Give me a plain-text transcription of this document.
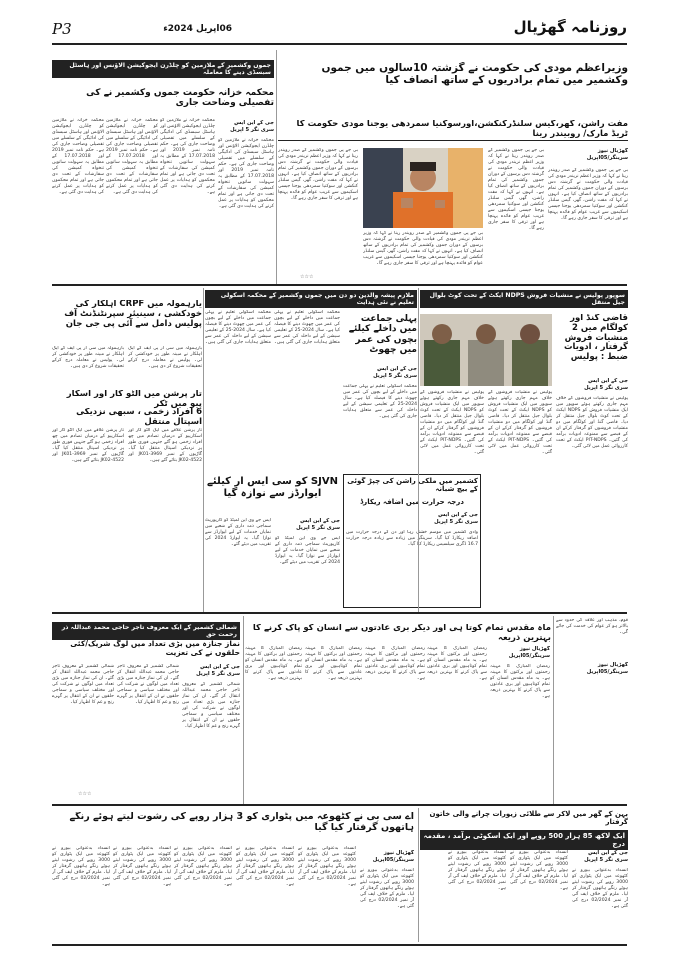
P3	06اپریل 2024ء	روزنامہ گھڑیال
وزیراعظم مودی کی حکومت نے گزشتہ 10سالوں میں جموں وکشمیر میں تمام برادریوں کے ساتھ انصاف کیا
مفت راشن، گھر،گیس سلنڈرکنکشن،اورسوکنیا سمردھی یوجنا مودی حکومت کا ٹریڈ مارک/ روبیندر رینا
گھڑیال نیوز
سرینگر/05اپریل
بی جے پی جموں وکشمیر کے صدر رویندر رینا نے کہا کہ وزیر اعظم نریندر مودی کی قیادت والی حکومت نے گزشتہ دس برسوں کے دوران جموں وکشمیر کی تمام برادریوں کے ساتھ انصاف کیا ہے۔ انہوں نے کہا کہ مفت راشن، گھر، گیس سلنڈر کنکشن اور سوکنیا سمردھی یوجنا جیسی اسکیموں سے غریب عوام کو فائدہ پہنچا ہے اور ترقی کا سفر جاری رہے گا۔
بی جے پی جموں وکشمیر کے صدر رویندر رینا نے کہا کہ وزیر اعظم نریندر مودی کی قیادت والی حکومت نے گزشتہ دس برسوں کے دوران جموں وکشمیر کی تمام برادریوں کے ساتھ انصاف کیا ہے۔ انہوں نے کہا کہ مفت راشن، گھر، گیس سلنڈر کنکشن اور سوکنیا سمردھی یوجنا جیسی اسکیموں سے غریب عوام کو فائدہ پہنچا ہے اور ترقی کا سفر جاری رہے گا۔
بی جے پی جموں وکشمیر کے صدر رویندر رینا نے کہا کہ وزیر اعظم نریندر مودی کی قیادت والی حکومت نے گزشتہ دس برسوں کے دوران جموں وکشمیر کی تمام برادریوں کے ساتھ انصاف کیا ہے۔ انہوں نے کہا کہ مفت راشن، گھر، گیس سلنڈر کنکشن اور سوکنیا سمردھی یوجنا جیسی اسکیموں سے غریب عوام کو فائدہ پہنچا ہے اور ترقی کا سفر جاری رہے گا۔
بی جے پی جموں وکشمیر کے صدر رویندر رینا نے کہا کہ وزیر اعظم نریندر مودی کی قیادت والی حکومت نے گزشتہ دس برسوں کے دوران جموں وکشمیر کی تمام برادریوں کے ساتھ انصاف کیا ہے۔ انہوں نے کہا کہ مفت راشن، گھر، گیس سلنڈر کنکشن اور سوکنیا سمردھی یوجنا جیسی اسکیموں سے غریب عوام کو فائدہ پہنچا ہے اور ترقی کا سفر جاری رہے گا۔
☆☆☆
جموں وکشمیر کے ملازمین کو چلڈرن ایجوکیشن الاؤنس اور ہاسٹل سبسڈی دینے کا معاملہ
محکمہ خزانہ حکومت جموں وکشمیر نے کی تفصیلی وضاحت جاری
جی کے این ایس
سری نگر 5 اپریل
محکمہ خزانہ نے ملازمین کو چلڈرن ایجوکیشن الاؤنس اور ہاسٹل سبسڈی کی ادائیگی کے سلسلے میں تفصیلی وضاحت جاری کی ہے۔ حکم نامہ نمبر 2019 اور 17.07.2018 کے مطابق یہ سہولت ساتویں تنخواہ کمیشن کی سفارشات کے تحت دی جاتی ہے اور تمام محکموں کو ہدایات پر عمل کرنے کی ہدایت دی گئی ہے۔
محکمہ خزانہ نے ملازمین کو چلڈرن ایجوکیشن الاؤنس اور ہاسٹل سبسڈی کی ادائیگی کے سلسلے میں تفصیلی وضاحت جاری کی ہے۔ حکم نامہ نمبر 2019 اور 17.07.2018 کے مطابق یہ سہولت ساتویں تنخواہ کمیشن کی سفارشات کے تحت دی جاتی ہے اور تمام محکموں کو ہدایات پر عمل کرنے کی ہدایت دی گئی ہے۔
محکمہ خزانہ نے ملازمین کو چلڈرن ایجوکیشن الاؤنس اور ہاسٹل سبسڈی کی ادائیگی کے سلسلے میں تفصیلی وضاحت جاری کی ہے۔ حکم نامہ نمبر 2019 اور 17.07.2018 کے مطابق یہ سہولت ساتویں تنخواہ کمیشن کی سفارشات کے تحت دی جاتی ہے اور تمام محکموں کو ہدایات پر عمل کرنے کی ہدایت دی گئی ہے۔
محکمہ خزانہ نے ملازمین کو چلڈرن ایجوکیشن الاؤنس اور ہاسٹل سبسڈی کی ادائیگی کے سلسلے میں تفصیلی وضاحت جاری کی ہے۔ حکم نامہ نمبر 2019 اور 17.07.2018 کے مطابق یہ سہولت ساتویں تنخواہ کمیشن کی سفارشات کے تحت دی جاتی ہے اور تمام محکموں کو ہدایات پر عمل کرنے کی ہدایت دی گئی ہے۔
سوپور پولیس نے منشیات فروش NDPS ایکٹ کے تحت کوٹ بلوال جیل منتقل
قاضی گنڈ اور کولگام میں 2 منشیات فروش گرفتار ، ادویات ضبط : پولیس
جی کے این ایس
سری نگر 5 اپریل
پولیس نے منشیات فروشوں کے خلاف مہم جاری رکھتے ہوئے سوپور میں ایک منشیات فروش کو NDPS ایکٹ کے تحت کوٹ بلوال جیل منتقل کر دیا۔ قاضی گنڈ اور کولگام میں دو منشیات فروشوں کو گرفتار کرکے ان کے قبضے سے ممنوعہ ادویات برآمد کی گئیں۔ PIT-NDPS ایکٹ کے تحت کارروائی عمل میں لائی گئی۔
پولیس نے منشیات فروشوں کے خلاف مہم جاری رکھتے ہوئے سوپور میں ایک منشیات فروش کو NDPS ایکٹ کے تحت کوٹ بلوال جیل منتقل کر دیا۔ قاضی گنڈ اور کولگام میں دو منشیات فروشوں کو گرفتار کرکے ان کے قبضے سے ممنوعہ ادویات برآمد کی گئیں۔ PIT-NDPS ایکٹ کے تحت کارروائی عمل میں لائی گئی۔
پولیس نے منشیات فروشوں کے خلاف مہم جاری رکھتے ہوئے سوپور میں ایک منشیات فروش کو NDPS ایکٹ کے تحت کوٹ بلوال جیل منتقل کر دیا۔ قاضی گنڈ اور کولگام میں دو منشیات فروشوں کو گرفتار کرکے ان کے قبضے سے ممنوعہ ادویات برآمد کی گئیں۔ PIT-NDPS ایکٹ کے تحت کارروائی عمل میں لائی گئی۔
ملازم پیشہ والدین دو دن میں جموں وکشمیر کے محکمہ اسکولی تعلیم نے نئی ہدایت
پہلی جماعت میں داخلے کیلئے بچوں کی عمر میں چھوٹ
جی کے این ایس
سری نگر 5 اپریل
محکمہ اسکولی تعلیم نے پہلی جماعت میں داخلے کے لیے بچوں کی عمر میں چھوٹ دینے کا فیصلہ کیا ہے۔ سال 2024-25 کے تعلیمی سیشن کے لیے داخلہ کی عمر سے متعلق ہدایات جاری کی گئی ہیں۔
محکمہ اسکولی تعلیم نے پہلی جماعت میں داخلے کے لیے بچوں کی عمر میں چھوٹ دینے کا فیصلہ کیا ہے۔ سال 2024-25 کے تعلیمی سیشن کے لیے داخلہ کی عمر سے متعلق ہدایات جاری کی گئی ہیں۔
محکمہ اسکولی تعلیم نے پہلی جماعت میں داخلے کے لیے بچوں کی عمر میں چھوٹ دینے کا فیصلہ کیا ہے۔ سال 2024-25 کے تعلیمی سیشن کے لیے داخلہ کی عمر سے متعلق ہدایات جاری کی گئی ہیں۔
یارہمولہ میں CRPF اہلکار کی خودکشی ، سینیئر سپرنٹنڈنٹ آف پولیس دامل سے آئی پی جی جان
بارہمولہ میں سی آر پی ایف کے ایک اہلکار نے مبینہ طور پر خودکشی کر لی۔ پولیس نے معاملہ درج کرکے تحقیقات شروع کر دی ہیں۔
بارہمولہ میں سی آر پی ایف کے ایک اہلکار نے مبینہ طور پر خودکشی کر لی۔ پولیس نے معاملہ درج کرکے تحقیقات شروع کر دی ہیں۔
تار پرشن میں آلٹو کار اور اسکار پیو میں ٹکر
6 افراد زخمی ، سبھی نزدیکی اسپتال منتقل
تار پرشن علاقے میں ایک آلٹو کار اور اسکارپیو کے درمیان تصادم میں چھ افراد زخمی ہو گئے جنہیں فوری طور پر نزدیکی اسپتال منتقل کیا گیا۔ گاڑیوں کے نمبر JK01-3969 اور JK02-4522 بتائے گئے ہیں۔
تار پرشن علاقے میں ایک آلٹو کار اور اسکارپیو کے درمیان تصادم میں چھ افراد زخمی ہو گئے جنہیں فوری طور پر نزدیکی اسپتال منتقل کیا گیا۔ گاڑیوں کے نمبر JK01-3969 اور JK02-4522 بتائے گئے ہیں۔
SJVN کو سی ایس آر کیلئے ایوارڈز سے نوازہ گیا
جی کے این ایس
سری نگر 5 اپریل
ایس جے وی این لمیٹڈ کو کارپوریٹ سماجی ذمہ داری کے شعبے میں نمایاں خدمات کے لیے ایوارڈز سے نوازا گیا۔ یہ ایوارڈ 2024 کی تقریب میں دیئے گئے۔
ایس جے وی این لمیٹڈ کو کارپوریٹ سماجی ذمہ داری کے شعبے میں نمایاں خدمات کے لیے ایوارڈز سے نوازا گیا۔ یہ ایوارڈ 2024 کی تقریب میں دیئے گئے۔
کشمیر میں ملکی راشن کی چپڑ گوئی کے بیچ شبانہ
درجہ حرارت میں اضافہ ریکارڈ
جی کے این ایس
سری نگر 5 اپریل
وادی کشمیر میں موسم خشک رہا اور دن کے درجہ حرارت میں اضافہ ریکارڈ کیا گیا۔ سرینگر میں زیادہ سے زیادہ درجہ حرارت 16.7 ڈگری سیلسیس ریکارڈ کیا گیا۔
قوم، مذہب اور علاقہ کی حدود سے بالاتر ہو کر عوام کی خدمت کی جائے گی۔
گھڑیال نیوز
سرینگر/05اپریل
ماہ مقدس تمام کوتا ہی اور دیگر بری عادتوں سے انسان کو پاک کرنے کا بہترین ذریعہ
گھڑیال نیوز
سرینگر/05اپریل
رمضان المبارک کا مہینہ رحمتوں اور برکتوں کا مہینہ ہے۔ یہ ماہ مقدس انسان کو تمام کوتاہیوں اور بری عادتوں سے پاک کرنے کا بہترین ذریعہ ہے۔
رمضان المبارک کا مہینہ رحمتوں اور برکتوں کا مہینہ ہے۔ یہ ماہ مقدس انسان کو تمام کوتاہیوں اور بری عادتوں سے پاک کرنے کا بہترین ذریعہ ہے۔
رمضان المبارک کا مہینہ رحمتوں اور برکتوں کا مہینہ ہے۔ یہ ماہ مقدس انسان کو تمام کوتاہیوں اور بری عادتوں سے پاک کرنے کا بہترین ذریعہ ہے۔
رمضان المبارک کا مہینہ رحمتوں اور برکتوں کا مہینہ ہے۔ یہ ماہ مقدس انسان کو تمام کوتاہیوں اور بری عادتوں سے پاک کرنے کا بہترین ذریعہ ہے۔
رمضان المبارک کا مہینہ رحمتوں اور برکتوں کا مہینہ ہے۔ یہ ماہ مقدس انسان کو تمام کوتاہیوں اور بری عادتوں سے پاک کرنے کا بہترین ذریعہ ہے۔
شمالی کشمیر کے ایک معروف تاجر حاجی محمد عبداللہ ذر رحمت حق
نماز جنازہ میں بڑی تعداد میں لوگ شریک/کئی حلقوں نے کی تعزیت
جی کے این ایس
سری نگر 5 اپریل
شمالی کشمیر کے معروف تاجر حاجی محمد عبداللہ انتقال کر گئے۔ ان کی نماز جنازہ میں بڑی تعداد میں لوگوں نے شرکت کی اور مختلف سیاسی و سماجی حلقوں نے ان کے انتقال پر گہرے رنج و غم کا اظہار کیا۔
شمالی کشمیر کے معروف تاجر حاجی محمد عبداللہ انتقال کر گئے۔ ان کی نماز جنازہ میں بڑی تعداد میں لوگوں نے شرکت کی اور مختلف سیاسی و سماجی حلقوں نے ان کے انتقال پر گہرے رنج و غم کا اظہار کیا۔
شمالی کشمیر کے معروف تاجر حاجی محمد عبداللہ انتقال کر گئے۔ ان کی نماز جنازہ میں بڑی تعداد میں لوگوں نے شرکت کی اور مختلف سیاسی و سماجی حلقوں نے ان کے انتقال پر گہرے رنج و غم کا اظہار کیا۔
☆☆☆
بہن کے گھر میں لاکر سے طلائی زیورات چرانے والی خاتون گرفتار
ایک لاکھ 85 ہزار 500 روپے اور ایک اسکوٹی برآمد ، مقدمہ درج
جی کے این ایس
سری نگر 5 اپریل
انسداد بدعنوانی بیورو نے کٹھوعہ میں ایک پٹواری کو 3000 روپے کی رشوت لیتے ہوئے رنگے ہاتھوں گرفتار کر لیا۔ ملزم کے خلاف ایف آئی آر نمبر 02/2024 درج کی گئی ہے۔
انسداد بدعنوانی بیورو نے کٹھوعہ میں ایک پٹواری کو 3000 روپے کی رشوت لیتے ہوئے رنگے ہاتھوں گرفتار کر لیا۔ ملزم کے خلاف ایف آئی آر نمبر 02/2024 درج کی گئی ہے۔
انسداد بدعنوانی بیورو نے کٹھوعہ میں ایک پٹواری کو 3000 روپے کی رشوت لیتے ہوئے رنگے ہاتھوں گرفتار کر لیا۔ ملزم کے خلاف ایف آئی آر نمبر 02/2024 درج کی گئی ہے۔
اے سی بی نے کٹھوعہ میں پٹواری کو 3 ہزار روپے کی رشوت لیتے ہوئے رنگے ہاتھوں گرفتار کیا گیا
گھڑیال نیوز
سرینگر/05اپریل
انسداد بدعنوانی بیورو نے کٹھوعہ میں ایک پٹواری کو 3000 روپے کی رشوت لیتے ہوئے رنگے ہاتھوں گرفتار کر لیا۔ ملزم کے خلاف ایف آئی آر نمبر 02/2024 درج کی گئی ہے۔
انسداد بدعنوانی بیورو نے کٹھوعہ میں ایک پٹواری کو 3000 روپے کی رشوت لیتے ہوئے رنگے ہاتھوں گرفتار کر لیا۔ ملزم کے خلاف ایف آئی آر نمبر 02/2024 درج کی گئی ہے۔
انسداد بدعنوانی بیورو نے کٹھوعہ میں ایک پٹواری کو 3000 روپے کی رشوت لیتے ہوئے رنگے ہاتھوں گرفتار کر لیا۔ ملزم کے خلاف ایف آئی آر نمبر 02/2024 درج کی گئی ہے۔
انسداد بدعنوانی بیورو نے کٹھوعہ میں ایک پٹواری کو 3000 روپے کی رشوت لیتے ہوئے رنگے ہاتھوں گرفتار کر لیا۔ ملزم کے خلاف ایف آئی آر نمبر 02/2024 درج کی گئی ہے۔
انسداد بدعنوانی بیورو نے کٹھوعہ میں ایک پٹواری کو 3000 روپے کی رشوت لیتے ہوئے رنگے ہاتھوں گرفتار کر لیا۔ ملزم کے خلاف ایف آئی آر نمبر 02/2024 درج کی گئی ہے۔
انسداد بدعنوانی بیورو نے کٹھوعہ میں ایک پٹواری کو 3000 روپے کی رشوت لیتے ہوئے رنگے ہاتھوں گرفتار کر لیا۔ ملزم کے خلاف ایف آئی آر نمبر 02/2024 درج کی گئی ہے۔
